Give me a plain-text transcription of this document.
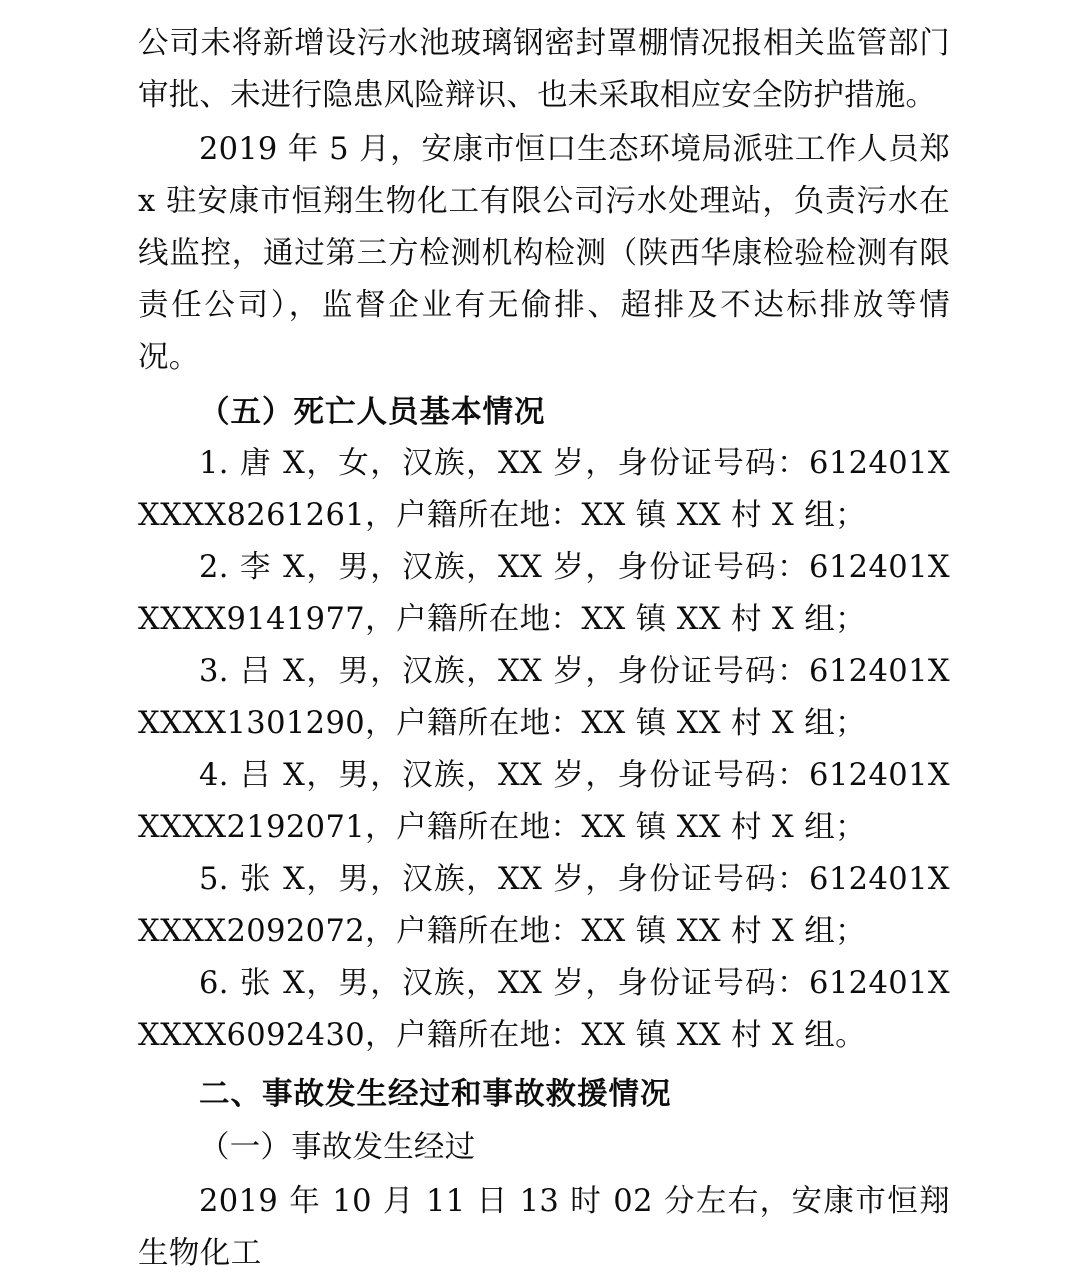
公司未将新增设污水池玻璃钢密封罩棚情况报相关监管部门审批、未进行隐患风险辩识、也未采取相应安全防护措施。

2019 年 5 月，安康市恒口生态环境局派驻工作人员郑 x 驻安康市恒翔生物化工有限公司污水处理站，负责污水在线监控，通过第三方检测机构检测（陕西华康检验检测有限责任公司），监督企业有无偷排、超排及不达标排放等情况。

（五）死亡人员基本情况

1. 唐 X，女，汉族，XX 岁，身份证号码：612401XXXXX8261261，户籍所在地：XX 镇 XX 村 X 组；

2. 李 X，男，汉族，XX 岁，身份证号码：612401XXXXX9141977，户籍所在地：XX 镇 XX 村 X 组；

3. 吕 X，男，汉族，XX 岁，身份证号码：612401XXXXX1301290，户籍所在地：XX 镇 XX 村 X 组；

4. 吕 X，男，汉族，XX 岁，身份证号码：612401XXXXX2192071，户籍所在地：XX 镇 XX 村 X 组；

5. 张 X，男，汉族，XX 岁，身份证号码：612401XXXXX2092072，户籍所在地：XX 镇 XX 村 X 组；

6. 张 X，男，汉族，XX 岁，身份证号码：612401XXXXX6092430，户籍所在地：XX 镇 XX 村 X 组。

二、事故发生经过和事故救援情况

（一）事故发生经过

2019 年 10 月 11 日 13 时 02 分左右，安康市恒翔生物化工
